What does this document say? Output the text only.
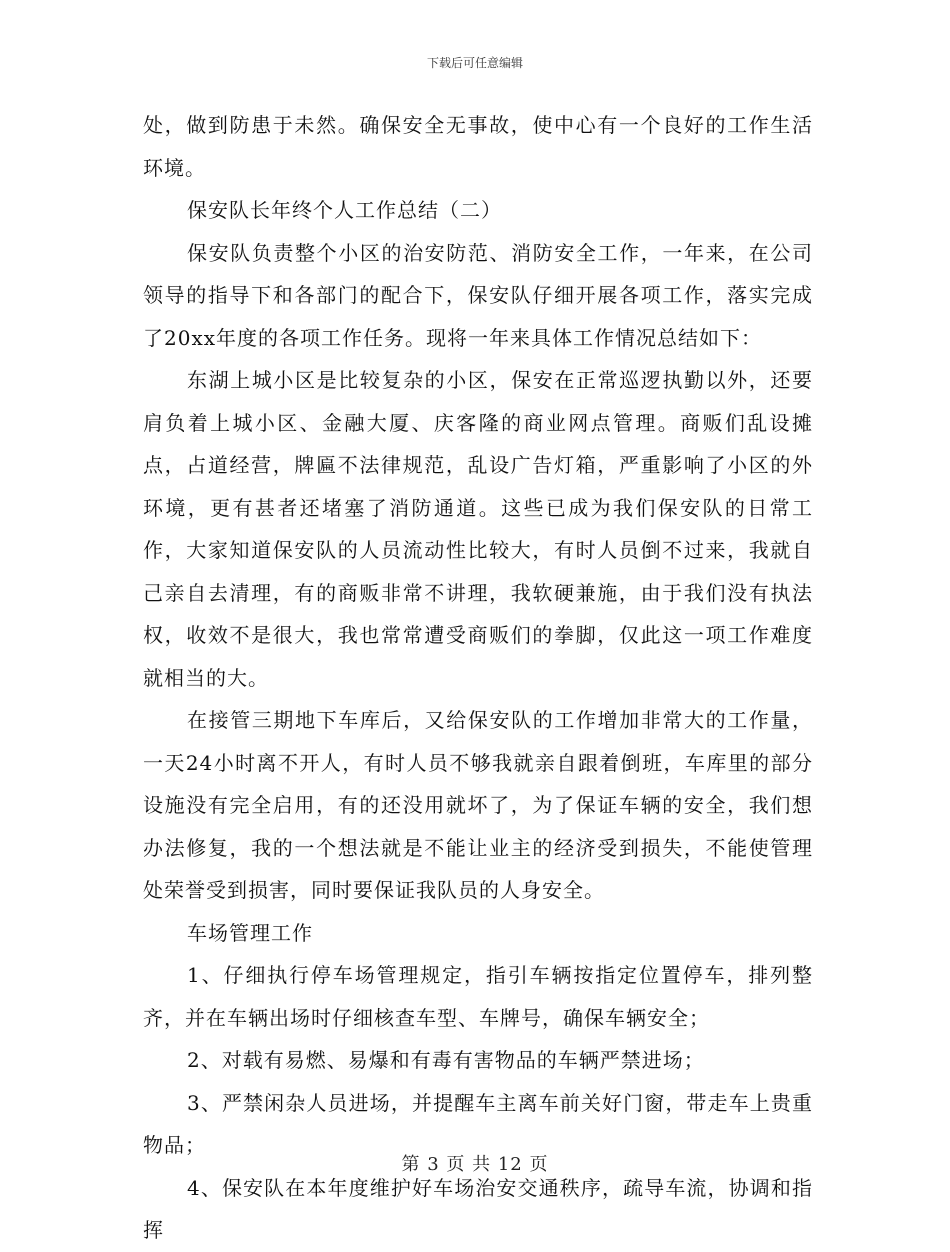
下载后可任意编辑

处，做到防患于未然。确保安全无事故，使中心有一个良好的工作生活环境。

保安队长年终个人工作总结（二）

保安队负责整个小区的治安防范、消防安全工作，一年来，在公司领导的指导下和各部门的配合下，保安队仔细开展各项工作，落实完成了20xx年度的各项工作任务。现将一年来具体工作情况总结如下：

东湖上城小区是比较复杂的小区，保安在正常巡逻执勤以外，还要肩负着上城小区、金融大厦、庆客隆的商业网点管理。商贩们乱设摊点，占道经营，牌匾不法律规范，乱设广告灯箱，严重影响了小区的外环境，更有甚者还堵塞了消防通道。这些已成为我们保安队的日常工作，大家知道保安队的人员流动性比较大，有时人员倒不过来，我就自己亲自去清理，有的商贩非常不讲理，我软硬兼施，由于我们没有执法权，收效不是很大，我也常常遭受商贩们的拳脚，仅此这一项工作难度就相当的大。

在接管三期地下车库后，又给保安队的工作增加非常大的工作量，一天24小时离不开人，有时人员不够我就亲自跟着倒班，车库里的部分设施没有完全启用，有的还没用就坏了，为了保证车辆的安全，我们想办法修复，我的一个想法就是不能让业主的经济受到损失，不能使管理处荣誉受到损害，同时要保证我队员的人身安全。

车场管理工作

1、仔细执行停车场管理规定，指引车辆按指定位置停车，排列整齐，并在车辆出场时仔细核查车型、车牌号，确保车辆安全；

2、对载有易燃、易爆和有毒有害物品的车辆严禁进场；

3、严禁闲杂人员进场，并提醒车主离车前关好门窗，带走车上贵重物品；

4、保安队在本年度维护好车场治安交通秩序，疏导车流，协调和指挥

第 3 页 共 12 页
